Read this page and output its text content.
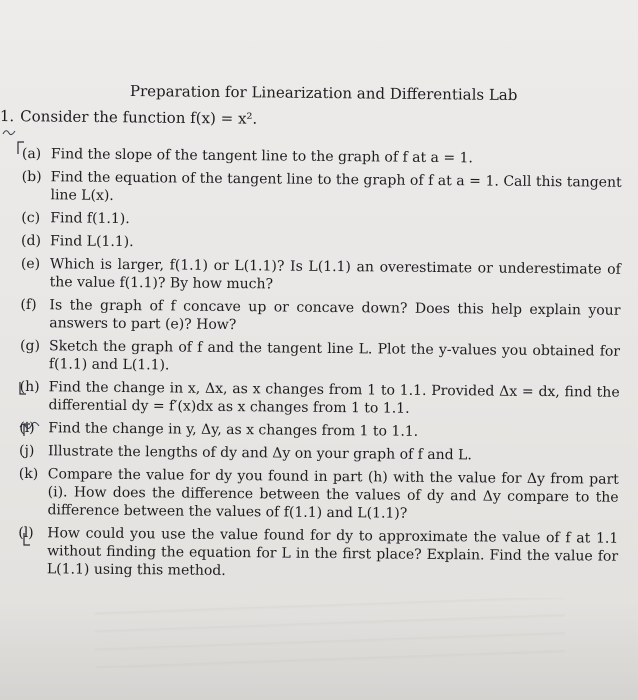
Preparation for Linearization and Differentials Lab
1. Consider the function f(x) = x².
(a) Find the slope of the tangent line to the graph of f at a = 1.
(b) Find the equation of the tangent line to the graph of f at a = 1. Call this tangent line L(x).
(c) Find f(1.1).
(d) Find L(1.1).
(e) Which is larger, f(1.1) or L(1.1)? Is L(1.1) an overestimate or underestimate of the value f(1.1)? By how much?
(f) Is the graph of f concave up or concave down? Does this help explain your answers to part (e)? How?
(g) Sketch the graph of f and the tangent line L. Plot the y-values you obtained for f(1.1) and L(1.1).
(h) Find the change in x, Δx, as x changes from 1 to 1.1. Provided Δx = dx, find the differential dy = f′(x)dx as x changes from 1 to 1.1.
(i) Find the change in y, Δy, as x changes from 1 to 1.1.
(j) Illustrate the lengths of dy and Δy on your graph of f and L.
(k) Compare the value for dy you found in part (h) with the value for Δy from part (i). How does the difference between the values of dy and Δy compare to the difference between the values of f(1.1) and L(1.1)?
(l) How could you use the value found for dy to approximate the value of f at 1.1 without finding the equation for L in the first place? Explain. Find the value for L(1.1) using this method.
